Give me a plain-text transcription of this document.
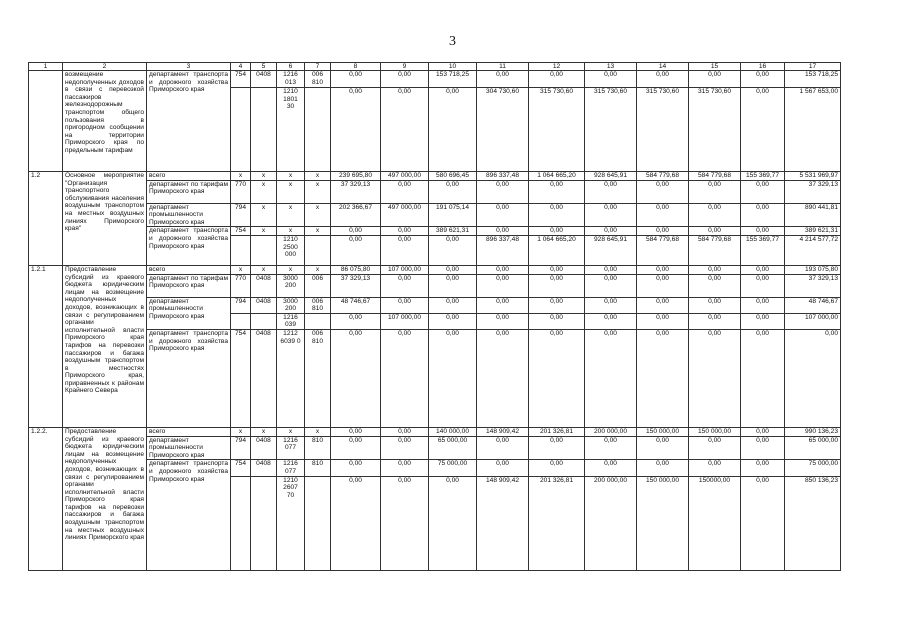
3
1	2	3	4	5	6	7	8	9	10	11	12	13	14	15	16	17
	возмещение недополученных доходов в связи с перевозкой пассажиров железнодорожным транспортом общего пользования в пригородном сообщении на территории Приморского края по предельным тарифам	департамент транспорта и дорожного хозяйства Приморского края	754	0408	1216 013	006 810	0,00	0,00	153 718,25	0,00	0,00	0,00	0,00	0,00	0,00	153 718,25
					1210 1801 30		0,00	0,00	0,00	304 730,60	315 730,60	315 730,60	315 730,60	315 730,60	0,00	1 567 653,00
1.2	Основное мероприятие "Организация транспортного обслуживания населения воздушным транспортом на местных воздушных линиях Приморского края"	всего	x	x	x	x	239 695,80	497 000,00	580 696,45	896 337,48	1 064 665,20	928 645,91	584 779,68	584 779,68	155 369,77	5 531 969,97
		департамент по тарифам Приморского края	770	x	x	x	37 329,13	0,00	0,00	0,00	0,00	0,00	0,00	0,00	0,00	37 329,13
		департамент промышленности Приморского края	794	x	x	x	202 366,67	497 000,00	191 075,14	0,00	0,00	0,00	0,00	0,00	0,00	890 441,81
		департамент транспорта и дорожного хозяйства Приморского края	754	x	x	x	0,00	0,00	389 621,31	0,00	0,00	0,00	0,00	0,00	0,00	389 621,31
					1210 2500 000		0,00	0,00	0,00	896 337,48	1 064 665,20	928 645,91	584 779,68	584 779,68	155 369,77	4 214 577,72
1.2.1	Предоставление субсидий из краевого бюджета юридическим лицам на возмещение недополученных доходов, возникающих в связи с регулированием органами исполнительной власти Приморского края тарифов на перевозки пассажиров и багажа воздушным транспортом в местностях Приморского края, приравненных к районам Крайнего Севера	всего	x	x	x	x	86 075,80	107 000,00	0,00	0,00	0,00	0,00	0,00	0,00	0,00	193 075,80
		департамент по тарифам Приморского края	770	0408	3000 200	006	37 329,13	0,00	0,00	0,00	0,00	0,00	0,00	0,00	0,00	37 329,13
		департамент промышленности Приморского края	794	0408	3000 200	006 810	48 746,67	0,00	0,00	0,00	0,00	0,00	0,00	0,00	0,00	48 746,67
					1216 039		0,00	107 000,00	0,00	0,00	0,00	0,00	0,00	0,00	0,00	107 000,00
		департамент транспорта и дорожного хозяйства Приморского края	754	0408	1212 6039 0	006 810	0,00	0,00	0,00	0,00	0,00	0,00	0,00	0,00	0,00	0,00
1.2.2.	Предоставление субсидий из краевого бюджета юридическим лицам на возмещение недополученных доходов, возникающих в связи с регулированием органами исполнительной власти Приморского края тарифов на перевозки пассажиров и багажа воздушным транспортом на местных воздушных линиях Приморского края	всего	x	x	x	x	0,00	0,00	140 000,00	148 909,42	201 326,81	200 000,00	150 000,00	150 000,00	0,00	990 136,23
		департамент промышленности Приморского края	794	0408	1216 077	810	0,00	0,00	65 000,00	0,00	0,00	0,00	0,00	0,00	0,00	65 000,00
		департамент транспорта и дорожного хозяйства Приморского края	754	0408	1216 077	810	0,00	0,00	75 000,00	0,00	0,00	0,00	0,00	0,00	0,00	75 000,00
					1210 2607 70		0,00	0,00	0,00	148 909,42	201 326,81	200 000,00	150 000,00	150000,00	0,00	850 136,23
